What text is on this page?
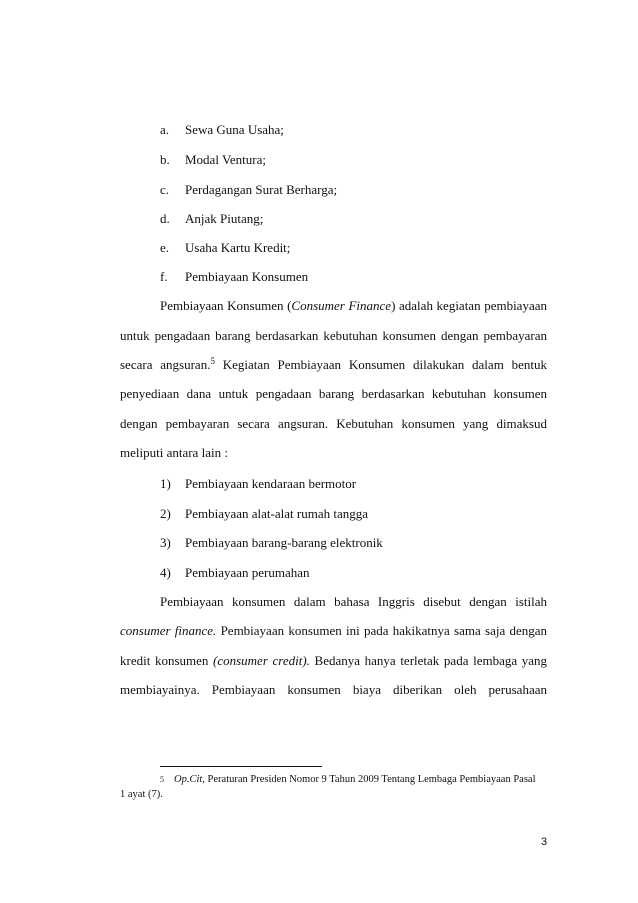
a. Sewa Guna Usaha;
b. Modal Ventura;
c. Perdagangan Surat Berharga;
d. Anjak Piutang;
e. Usaha Kartu Kredit;
f. Pembiayaan Konsumen
Pembiayaan Konsumen (Consumer Finance) adalah kegiatan pembiayaan
untuk pengadaan barang berdasarkan kebutuhan konsumen dengan pembayaran
secara angsuran.$^5$ Kegiatan Pembiayaan Konsumen dilakukan dalam bentuk
penyediaan dana untuk pengadaan barang berdasarkan kebutuhan konsumen
dengan pembayaran secara angsuran. Kebutuhan konsumen yang dimaksud
meliputi antara lain :
1) Pembiayaan kendaraan bermotor
2) Pembiayaan alat-alat rumah tangga
3) Pembiayaan barang-barang elektronik
4) Pembiayaan perumahan
Pembiayaan konsumen dalam bahasa Inggris disebut dengan istilah
consumer finance. Pembiayaan konsumen ini pada hakikatnya sama saja dengan
kredit konsumen (consumer credit). Bedanya hanya terletak pada lembaga yang
membiayainya. Pembiayaan konsumen biaya diberikan oleh perusahaan
5 Op.Cit, Peraturan Presiden Nomor 9 Tahun 2009 Tentang Lembaga Pembiayaan Pasal
1 ayat (7).
3
